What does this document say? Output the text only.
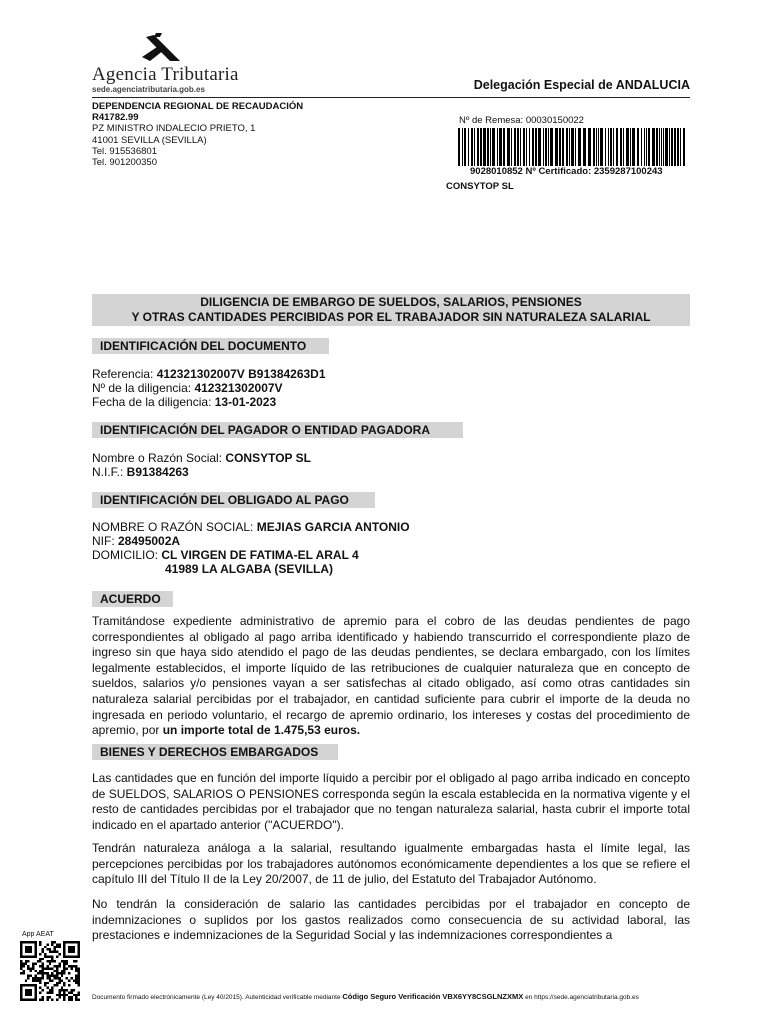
Agencia Tributaria
sede.agenciatributaria.gob.es	Delegación Especial de ANDALUCIA
DEPENDENCIA REGIONAL DE RECAUDACIÓN
R41782.99
PZ MINISTRO INDALECIO PRIETO, 1
41001 SEVILLA (SEVILLA)
Tel. 915536801
Tel. 901200350
Nº de Remesa: 00030150022
9028010852 Nº Certificado: 2359287100243
CONSYTOP SL
DILIGENCIA DE EMBARGO DE SUELDOS, SALARIOS, PENSIONES
Y OTRAS CANTIDADES PERCIBIDAS POR EL TRABAJADOR SIN NATURALEZA SALARIAL
IDENTIFICACIÓN DEL DOCUMENTO
Referencia: 412321302007V B91384263D1
Nº de la diligencia: 412321302007V
Fecha de la diligencia: 13-01-2023
IDENTIFICACIÓN DEL PAGADOR O ENTIDAD PAGADORA
Nombre o Razón Social: CONSYTOP SL
N.I.F.: B91384263
IDENTIFICACIÓN DEL OBLIGADO AL PAGO
NOMBRE O RAZÓN SOCIAL: MEJIAS GARCIA ANTONIO
NIF: 28495002A
DOMICILIO: CL VIRGEN DE FATIMA-EL ARAL 4
41989 LA ALGABA (SEVILLA)
ACUERDO
Tramitándose expediente administrativo de apremio para el cobro de las deudas pendientes de pago correspondientes al obligado al pago arriba identificado y habiendo transcurrido el correspondiente plazo de ingreso sin que haya sido atendido el pago de las deudas pendientes, se declara embargado, con los límites legalmente establecidos, el importe líquido de las retribuciones de cualquier naturaleza que en concepto de sueldos, salarios y/o pensiones vayan a ser satisfechas al citado obligado, así como otras cantidades sin naturaleza salarial percibidas por el trabajador, en cantidad suficiente para cubrir el importe de la deuda no ingresada en periodo voluntario, el recargo de apremio ordinario, los intereses y costas del procedimiento de apremio, por un importe total de 1.475,53 euros.
BIENES Y DERECHOS EMBARGADOS
Las cantidades que en función del importe líquido a percibir por el obligado al pago arriba indicado en concepto de SUELDOS, SALARIOS O PENSIONES corresponda según la escala establecida en la normativa vigente y el resto de cantidades percibidas por el trabajador que no tengan naturaleza salarial, hasta cubrir el importe total indicado en el apartado anterior ("ACUERDO").
Tendrán naturaleza análoga a la salarial, resultando igualmente embargadas hasta el límite legal, las percepciones percibidas por los trabajadores autónomos económicamente dependientes a los que se refiere el capítulo III del Título II de la Ley 20/2007, de 11 de julio, del Estatuto del Trabajador Autónomo.
No tendrán la consideración de salario las cantidades percibidas por el trabajador en concepto de indemnizaciones o suplidos por los gastos realizados como consecuencia de su actividad laboral, las prestaciones e indemnizaciones de la Seguridad Social y las indemnizaciones correspondientes a
App AEAT
Documento firmado electrónicamente (Ley 40/2015). Autenticidad verificable mediante Código Seguro Verificación VBX6YY8CSGLNZXMX en https://sede.agenciatributaria.gob.es
